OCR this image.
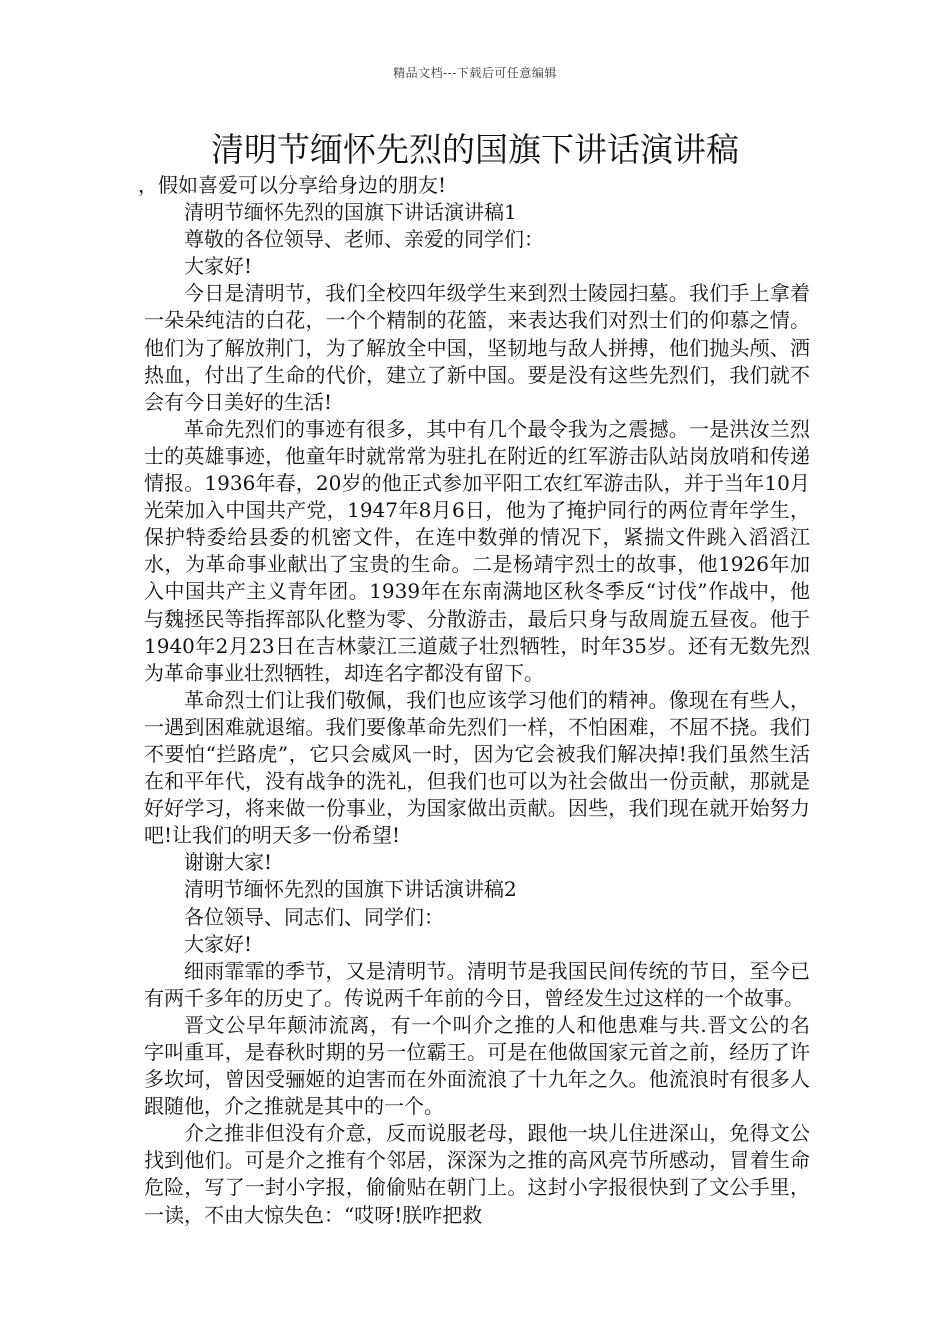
精品文档---下载后可任意编辑
清明节缅怀先烈的国旗下讲话演讲稿

，假如喜爱可以分享给身边的朋友!

清明节缅怀先烈的国旗下讲话演讲稿1

尊敬的各位领导、老师、亲爱的同学们：

大家好!

今日是清明节，我们全校四年级学生来到烈士陵园扫墓。我们手上拿着一朵朵纯洁的白花，一个个精制的花篮，来表达我们对烈士们的仰慕之情。他们为了解放荆门，为了解放全中国，坚韧地与敌人拼搏，他们抛头颅、洒热血，付出了生命的代价，建立了新中国。要是没有这些先烈们，我们就不会有今日美好的生活!

革命先烈们的事迹有很多，其中有几个最令我为之震撼。一是洪汝兰烈士的英雄事迹，他童年时就常常为驻扎在附近的红军游击队站岗放哨和传递情报。1936年春，20岁的他正式参加平阳工农红军游击队，并于当年10月光荣加入中国共产党，1947年8月6日，他为了掩护同行的两位青年学生，保护特委给县委的机密文件，在连中数弹的情况下，紧揣文件跳入滔滔江水，为革命事业献出了宝贵的生命。二是杨靖宇烈士的故事，他1926年加入中国共产主义青年团。1939年在东南满地区秋冬季反“讨伐”作战中，他与魏拯民等指挥部队化整为零、分散游击，最后只身与敌周旋五昼夜。他于1940年2月23日在吉林蒙江三道葳子壮烈牺牲，时年35岁。还有无数先烈为革命事业壮烈牺牲，却连名字都没有留下。

革命烈士们让我们敬佩，我们也应该学习他们的精神。像现在有些人，一遇到困难就退缩。我们要像革命先烈们一样，不怕困难，不屈不挠。我们不要怕“拦路虎”，它只会威风一时，因为它会被我们解决掉!我们虽然生活在和平年代，没有战争的洗礼，但我们也可以为社会做出一份贡献，那就是好好学习，将来做一份事业，为国家做出贡献。因些，我们现在就开始努力吧!让我们的明天多一份希望!

谢谢大家!

清明节缅怀先烈的国旗下讲话演讲稿2

各位领导、同志们、同学们：

大家好!

细雨霏霏的季节，又是清明节。清明节是我国民间传统的节日，至今已有两千多年的历史了。传说两千年前的今日，曾经发生过这样的一个故事。

晋文公早年颠沛流离，有一个叫介之推的人和他患难与共.晋文公的名字叫重耳，是春秋时期的另一位霸王。可是在他做国家元首之前，经历了许多坎坷，曾因受骊姬的迫害而在外面流浪了十九年之久。他流浪时有很多人跟随他，介之推就是其中的一个。

介之推非但没有介意，反而说服老母，跟他一块儿住进深山，免得文公找到他们。可是介之推有个邻居，深深为之推的高风亮节所感动，冒着生命危险，写了一封小字报，偷偷贴在朝门上。这封小字报很快到了文公手里，一读，不由大惊失色：“哎呀!朕咋把救
